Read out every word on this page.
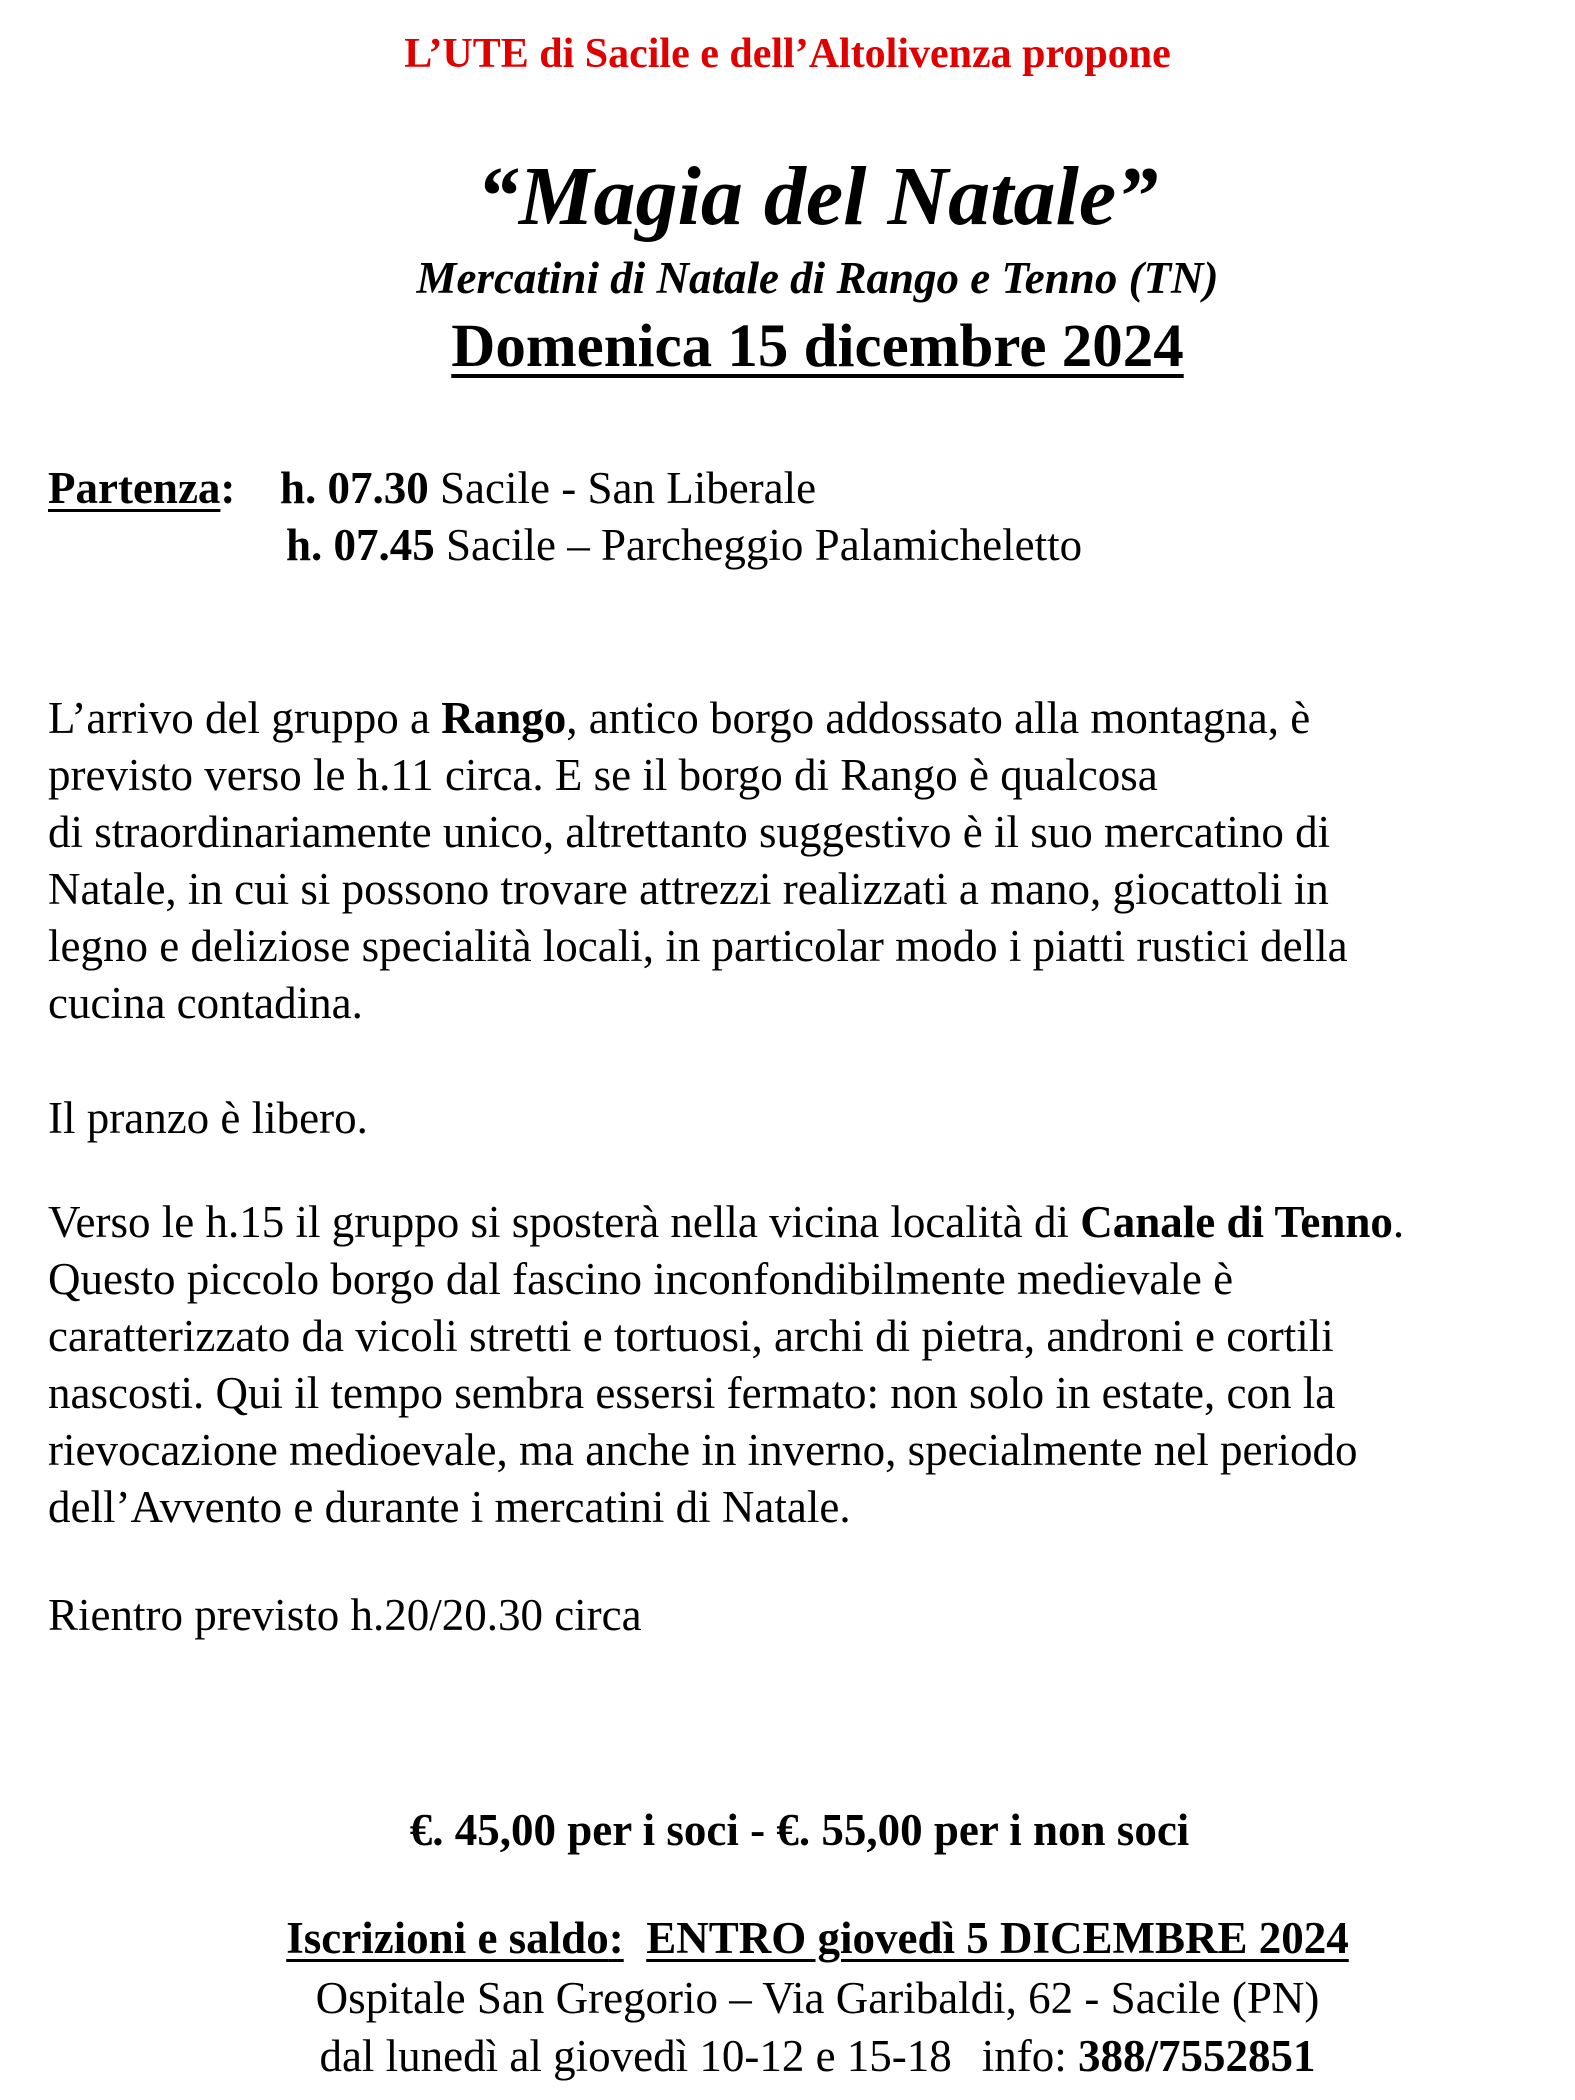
L’UTE di Sacile e dell’Altolivenza propone
“Magia del Natale”
Mercatini di Natale di Rango e Tenno (TN)
Domenica 15 dicembre 2024
Partenza: h. 07.30 Sacile - San Liberale
h. 07.45 Sacile – Parcheggio Palamicheletto

L’arrivo del gruppo a Rango, antico borgo addossato alla montagna, è
previsto verso le h.11 circa. E se il borgo di Rango è qualcosa
di straordinariamente unico, altrettanto suggestivo è il suo mercatino di
Natale, in cui si possono trovare attrezzi realizzati a mano, giocattoli in
legno e deliziose specialità locali, in particolar modo i piatti rustici della
cucina contadina.

Il pranzo è libero.

Verso le h.15 il gruppo si sposterà nella vicina località di Canale di Tenno.
Questo piccolo borgo dal fascino inconfondibilmente medievale è
caratterizzato da vicoli stretti e tortuosi, archi di pietra, androni e cortili
nascosti. Qui il tempo sembra essersi fermato: non solo in estate, con la
rievocazione medioevale, ma anche in inverno, specialmente nel periodo
dell’Avvento e durante i mercatini di Natale.

Rientro previsto h.20/20.30 circa

€. 45,00 per i soci - €. 55,00 per i non soci
Iscrizioni e saldo: ENTRO giovedì 5 DICEMBRE 2024
Ospitale San Gregorio – Via Garibaldi, 62 - Sacile (PN)
dal lunedì al giovedì 10-12 e 15-18 info: 388/7552851
